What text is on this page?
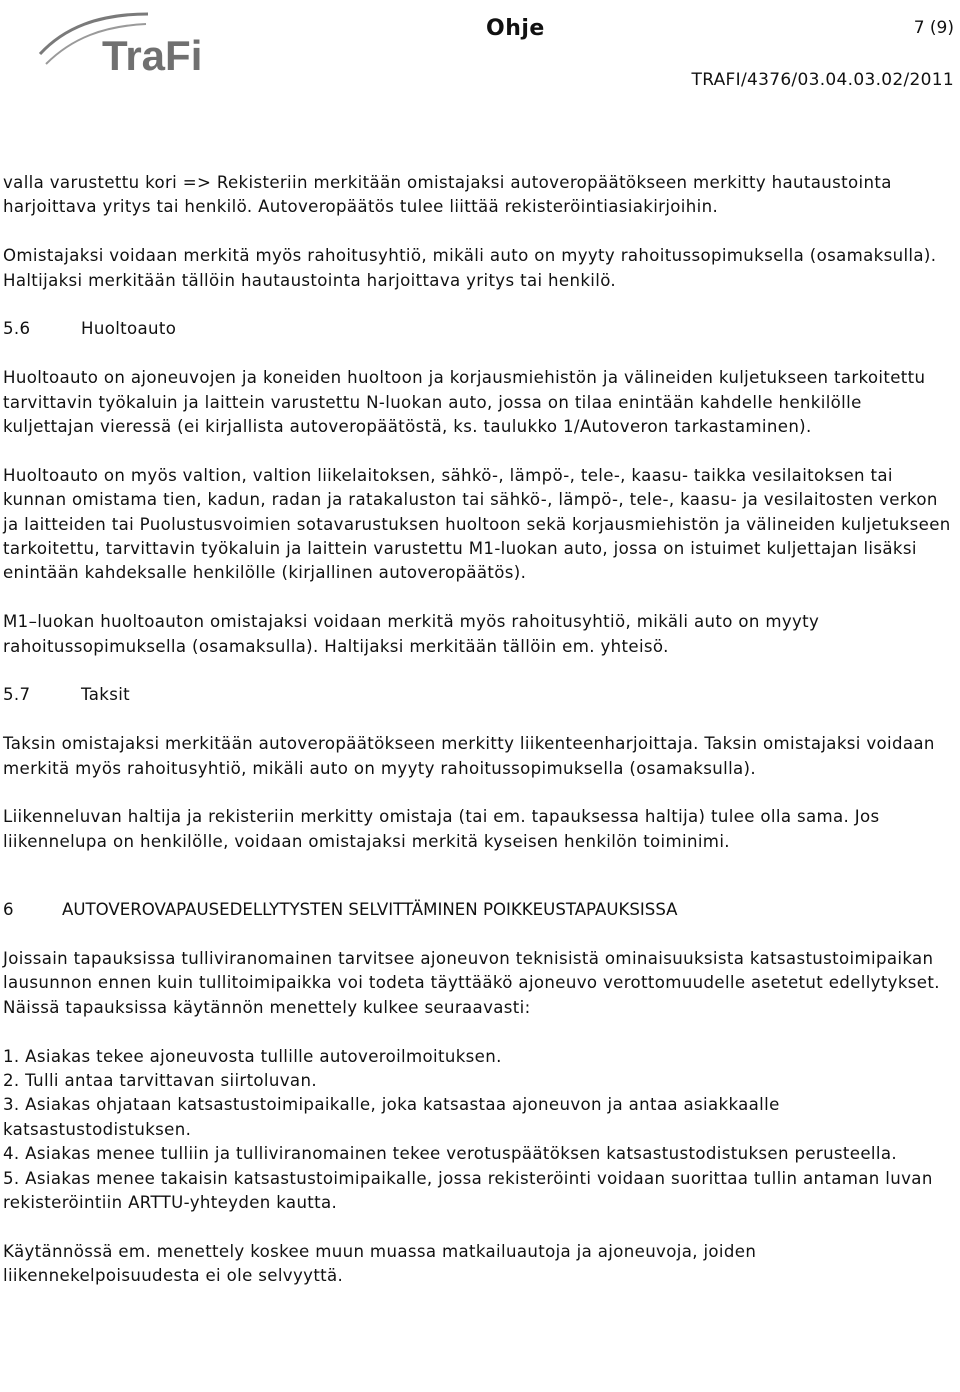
TraFi
Ohje	7 (9)
TRAFI/4376/03.04.03.02/2011

valla varustettu kori => Rekisteriin merkitään omistajaksi autoveropäätökseen merkitty hautaustointa harjoittava yritys tai henkilö. Autoveropäätös tulee liittää rekisteröintiasiakirjoihin.

Omistajaksi voidaan merkitä myös rahoitusyhtiö, mikäli auto on myyty rahoitussopimuksella (osamaksulla). Haltijaksi merkitään tällöin hautaustointa harjoittava yritys tai henkilö.

5.6	Huoltoauto

Huoltoauto on ajoneuvojen ja koneiden huoltoon ja korjausmiehistön ja välineiden kuljetukseen tarkoitettu tarvittavin työkaluin ja laittein varustettu N-luokan auto, jossa on tilaa enintään kahdelle henkilölle kuljettajan vieressä (ei kirjallista autoveropäätöstä, ks. taulukko 1/Autoveron tarkastaminen).

Huoltoauto on myös valtion, valtion liikelaitoksen, sähkö-, lämpö-, tele-, kaasu- taikka vesilaitoksen tai kunnan omistama tien, kadun, radan ja ratakaluston tai sähkö-, lämpö-, tele-, kaasu- ja vesilaitosten verkon ja laitteiden tai Puolustusvoimien sotavarustuksen huoltoon sekä korjausmiehistön ja välineiden kuljetukseen tarkoitettu, tarvittavin työkaluin ja laittein varustettu M1-luokan auto, jossa on istuimet kuljettajan lisäksi enintään kahdeksalle henkilölle (kirjallinen autoveropäätös).

M1–luokan huoltoauton omistajaksi voidaan merkitä myös rahoitusyhtiö, mikäli auto on myyty rahoitussopimuksella (osamaksulla). Haltijaksi merkitään tällöin em. yhteisö.

5.7	Taksit

Taksin omistajaksi merkitään autoveropäätökseen merkitty liikenteenharjoittaja. Taksin omistajaksi voidaan merkitä myös rahoitusyhtiö, mikäli auto on myyty rahoitussopimuksella (osamaksulla).

Liikenneluvan haltija ja rekisteriin merkitty omistaja (tai em. tapauksessa haltija) tulee olla sama. Jos liikennelupa on henkilölle, voidaan omistajaksi merkitä kyseisen henkilön toiminimi.

6	AUTOVEROVAPAUSEDELLYTYSTEN SELVITTÄMINEN POIKKEUSTAPAUKSISSA

Joissain tapauksissa tulliviranomainen tarvitsee ajoneuvon teknisistä ominaisuuksista katsastustoimipaikan lausunnon ennen kuin tullitoimipaikka voi todeta täyttääkö ajoneuvo verottomuudelle asetetut edellytykset. Näissä tapauksissa käytännön menettely kulkee seuraavasti:

1. Asiakas tekee ajoneuvosta tullille autoveroilmoituksen.
2. Tulli antaa tarvittavan siirtoluvan.
3. Asiakas ohjataan katsastustoimipaikalle, joka katsastaa ajoneuvon ja antaa asiakkaalle katsastustodistuksen.
4. Asiakas menee tulliin ja tulliviranomainen tekee verotuspäätöksen katsastustodistuksen perusteella.
5. Asiakas menee takaisin katsastustoimipaikalle, jossa rekisteröinti voidaan suorittaa tullin antaman luvan rekisteröintiin ARTTU-yhteyden kautta.

Käytännössä em. menettely koskee muun muassa matkailuautoja ja ajoneuvoja, joiden liikennekelpoisuudesta ei ole selvyyttä.
